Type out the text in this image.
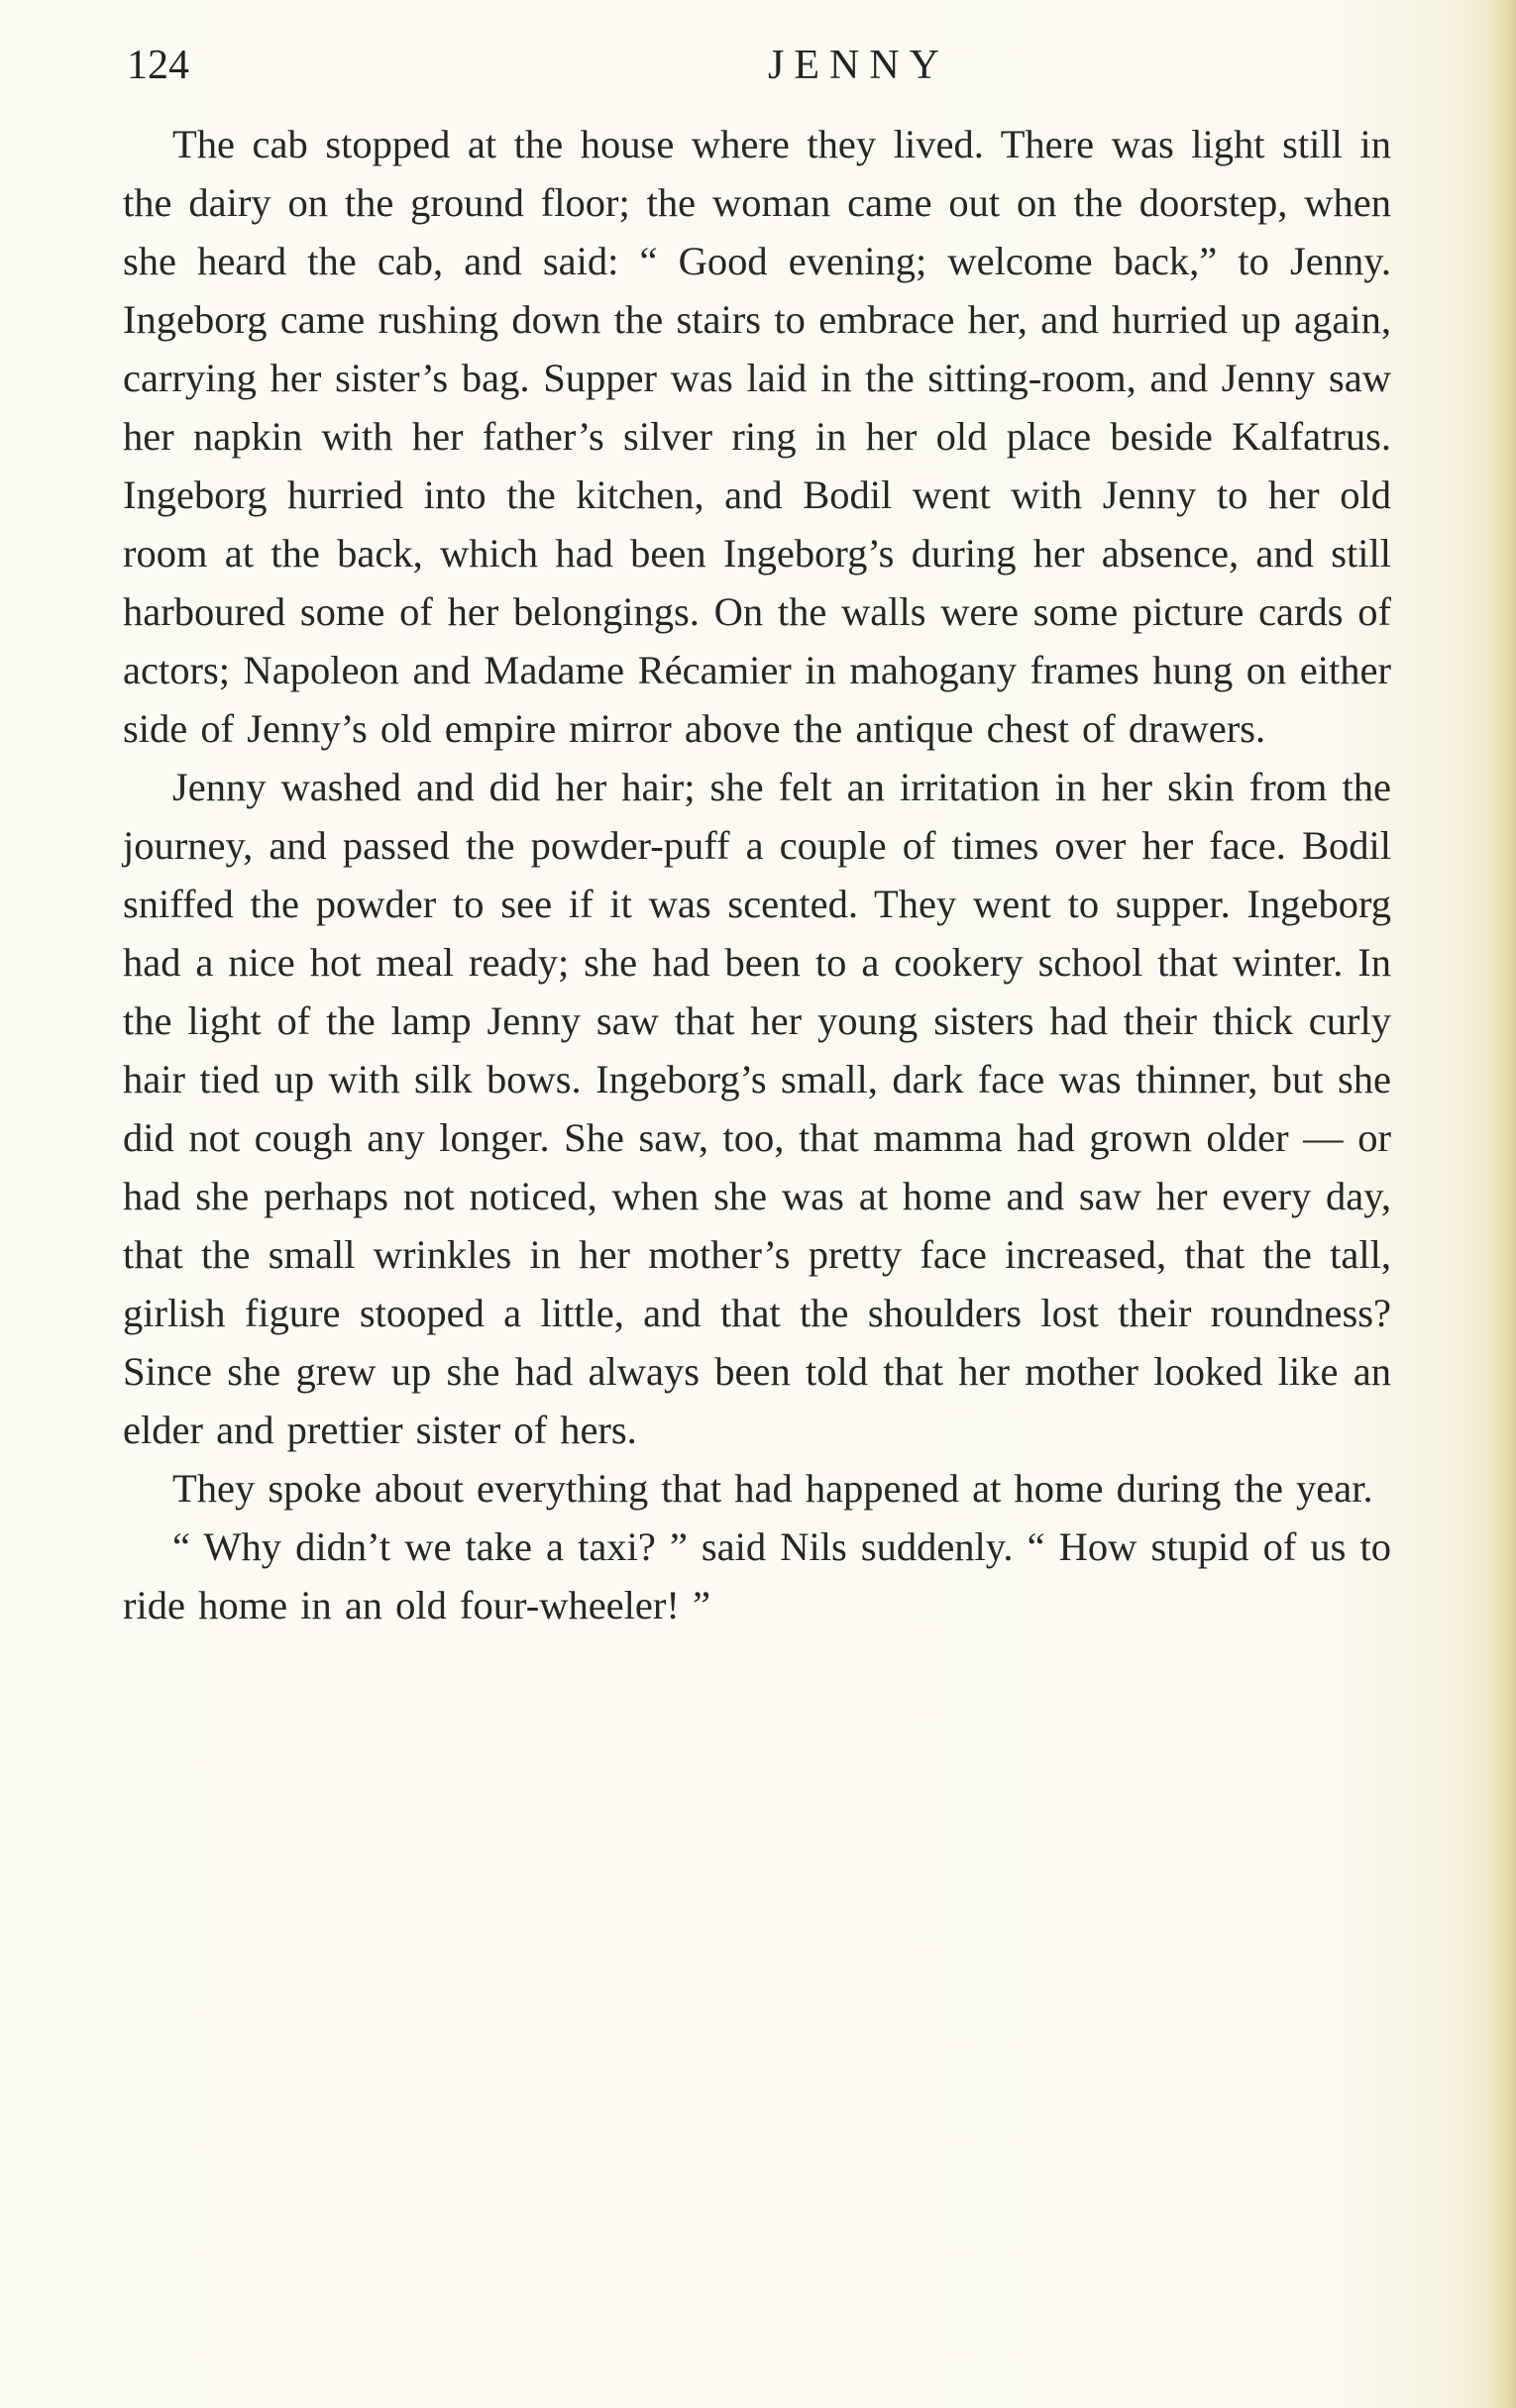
124	JENNY

The cab stopped at the house where they lived. There was light still in the dairy on the ground floor; the woman came out on the doorstep, when she heard the cab, and said: “ Good evening; welcome back,” to Jenny. Ingeborg came rushing down the stairs to embrace her, and hurried up again, carrying her sister’s bag. Supper was laid in the sitting-room, and Jenny saw her napkin with her father’s silver ring in her old place beside Kalfatrus. Ingeborg hurried into the kitchen, and Bodil went with Jenny to her old room at the back, which had been Ingeborg’s during her absence, and still harboured some of her belongings. On the walls were some picture cards of actors; Napoleon and Madame Récamier in mahogany frames hung on either side of Jenny’s old empire mirror above the antique chest of drawers.

Jenny washed and did her hair; she felt an irritation in her skin from the journey, and passed the powder-puff a couple of times over her face. Bodil sniffed the powder to see if it was scented. They went to supper. Ingeborg had a nice hot meal ready; she had been to a cookery school that winter. In the light of the lamp Jenny saw that her young sisters had their thick curly hair tied up with silk bows. Ingeborg’s small, dark face was thinner, but she did not cough any longer. She saw, too, that mamma had grown older — or had she perhaps not noticed, when she was at home and saw her every day, that the small wrinkles in her mother’s pretty face increased, that the tall, girlish figure stooped a little, and that the shoulders lost their roundness? Since she grew up she had always been told that her mother looked like an elder and prettier sister of hers.

They spoke about everything that had happened at home during the year.

“ Why didn’t we take a taxi? ” said Nils suddenly. “ How stupid of us to ride home in an old four-wheeler! ”
